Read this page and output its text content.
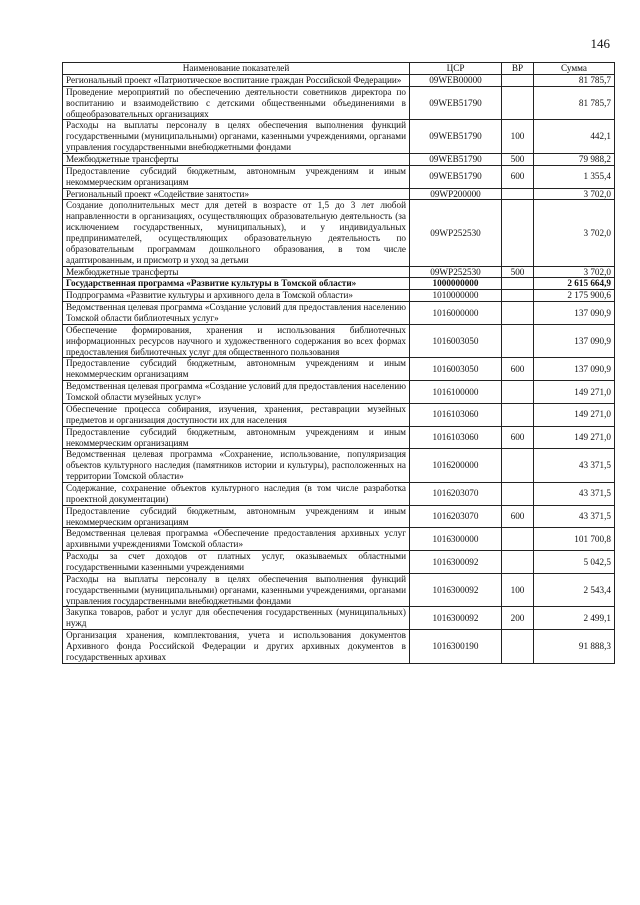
146
Наименование показателей	ЦСР	ВР	Сумма
Региональный проект «Патриотическое воспитание граждан Российской Федерации»	09WEB00000		81 785,7
Проведение мероприятий по обеспечению деятельности советников директора по воспитанию и взаимодействию с детскими общественными объединениями в общеобразовательных организациях	09WEB51790		81 785,7
Расходы на выплаты персоналу в целях обеспечения выполнения функций государственными (муниципальными) органами, казенными учреждениями, органами управления государственными внебюджетными фондами	09WEB51790	100	442,1
Межбюджетные трансферты	09WEB51790	500	79 988,2
Предоставление субсидий бюджетным, автономным учреждениям и иным некоммерческим организациям	09WEB51790	600	1 355,4
Региональный проект «Содействие занятости»	09WP200000		3 702,0
Создание дополнительных мест для детей в возрасте от 1,5 до 3 лет любой направленности в организациях, осуществляющих образовательную деятельность (за исключением государственных, муниципальных), и у индивидуальных предпринимателей, осуществляющих образовательную деятельность по образовательным программам дошкольного образования, в том числе адаптированным, и присмотр и уход за детьми	09WP252530		3 702,0
Межбюджетные трансферты	09WP252530	500	3 702,0
Государственная программа «Развитие культуры в Томской области»	1000000000		2 615 664,9
Подпрограмма «Развитие культуры и архивного дела в Томской области»	1010000000		2 175 900,6
Ведомственная целевая программа «Создание условий для предоставления населению Томской области библиотечных услуг»	1016000000		137 090,9
Обеспечение формирования, хранения и использования библиотечных информационных ресурсов научного и художественного содержания во всех формах предоставления библиотечных услуг для общественного пользования	1016003050		137 090,9
Предоставление субсидий бюджетным, автономным учреждениям и иным некоммерческим организациям	1016003050	600	137 090,9
Ведомственная целевая программа «Создание условий для предоставления населению Томской области музейных услуг»	1016100000		149 271,0
Обеспечение процесса собирания, изучения, хранения, реставрации музейных предметов и организация доступности их для населения	1016103060		149 271,0
Предоставление субсидий бюджетным, автономным учреждениям и иным некоммерческим организациям	1016103060	600	149 271,0
Ведомственная целевая программа «Сохранение, использование, популяризация объектов культурного наследия (памятников истории и культуры), расположенных на территории Томской области»	1016200000		43 371,5
Содержание, сохранение объектов культурного наследия (в том числе разработка проектной документации)	1016203070		43 371,5
Предоставление субсидий бюджетным, автономным учреждениям и иным некоммерческим организациям	1016203070	600	43 371,5
Ведомственная целевая программа «Обеспечение предоставления архивных услуг архивными учреждениями Томской области»	1016300000		101 700,8
Расходы за счет доходов от платных услуг, оказываемых областными государственными казенными учреждениями	1016300092		5 042,5
Расходы на выплаты персоналу в целях обеспечения выполнения функций государственными (муниципальными) органами, казенными учреждениями, органами управления государственными внебюджетными фондами	1016300092	100	2 543,4
Закупка товаров, работ и услуг для обеспечения государственных (муниципальных) нужд	1016300092	200	2 499,1
Организация хранения, комплектования, учета и использования документов Архивного фонда Российской Федерации и других архивных документов в государственных архивах	1016300190		91 888,3
